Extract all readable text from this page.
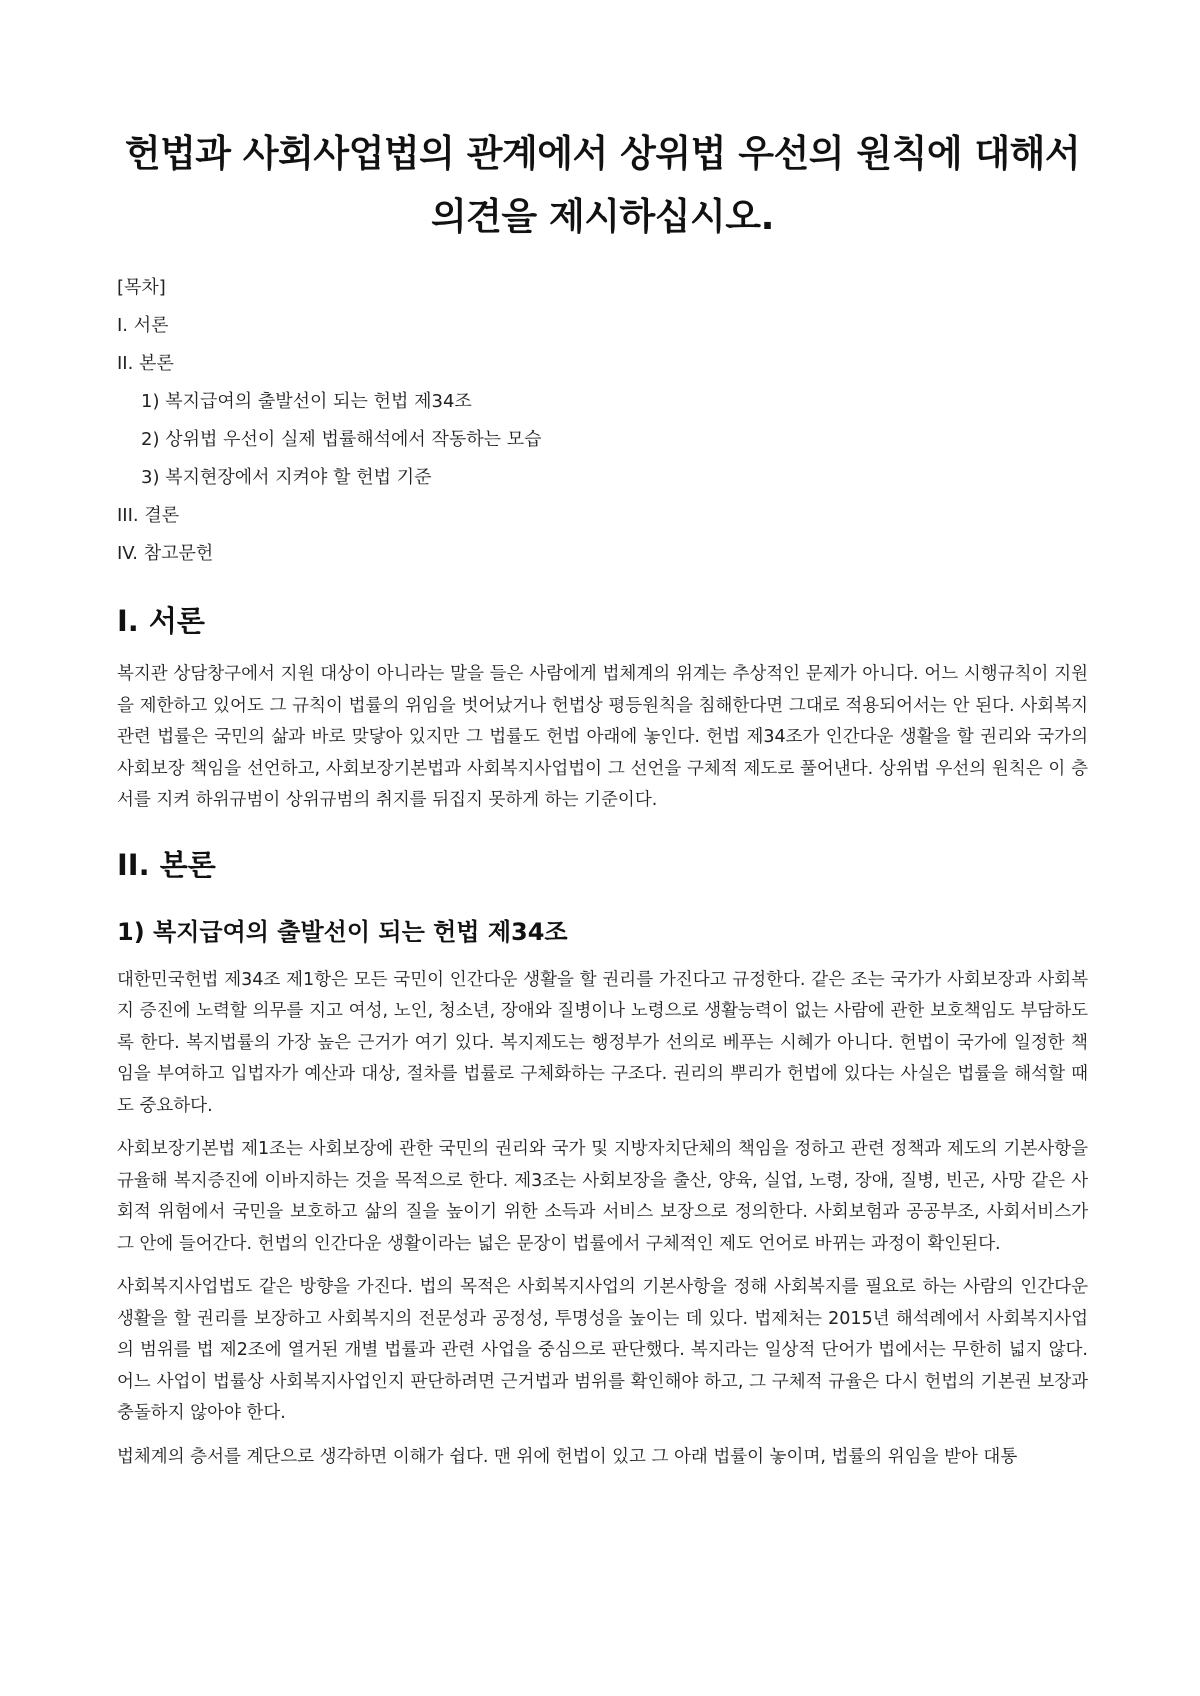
헌법과 사회사업법의 관계에서 상위법 우선의 원칙에 대해서 의견을 제시하십시오.
[목차]
I. 서론
II. 본론
1) 복지급여의 출발선이 되는 헌법 제34조
2) 상위법 우선이 실제 법률해석에서 작동하는 모습
3) 복지현장에서 지켜야 할 헌법 기준
III. 결론
IV. 참고문헌
I. 서론

복지관 상담창구에서 지원 대상이 아니라는 말을 들은 사람에게 법체계의 위계는 추상적인 문제가 아니다. 어느 시행규칙이 지원을 제한하고 있어도 그 규칙이 법률의 위임을 벗어났거나 헌법상 평등원칙을 침해한다면 그대로 적용되어서는 안 된다. 사회복지 관련 법률은 국민의 삶과 바로 맞닿아 있지만 그 법률도 헌법 아래에 놓인다. 헌법 제34조가 인간다운 생활을 할 권리와 국가의 사회보장 책임을 선언하고, 사회보장기본법과 사회복지사업법이 그 선언을 구체적 제도로 풀어낸다. 상위법 우선의 원칙은 이 층서를 지켜 하위규범이 상위규범의 취지를 뒤집지 못하게 하는 기준이다.

II. 본론
1) 복지급여의 출발선이 되는 헌법 제34조

대한민국헌법 제34조 제1항은 모든 국민이 인간다운 생활을 할 권리를 가진다고 규정한다. 같은 조는 국가가 사회보장과 사회복지 증진에 노력할 의무를 지고 여성, 노인, 청소년, 장애와 질병이나 노령으로 생활능력이 없는 사람에 관한 보호책임도 부담하도록 한다. 복지법률의 가장 높은 근거가 여기 있다. 복지제도는 행정부가 선의로 베푸는 시혜가 아니다. 헌법이 국가에 일정한 책임을 부여하고 입법자가 예산과 대상, 절차를 법률로 구체화하는 구조다. 권리의 뿌리가 헌법에 있다는 사실은 법률을 해석할 때도 중요하다.

사회보장기본법 제1조는 사회보장에 관한 국민의 권리와 국가 및 지방자치단체의 책임을 정하고 관련 정책과 제도의 기본사항을 규율해 복지증진에 이바지하는 것을 목적으로 한다. 제3조는 사회보장을 출산, 양육, 실업, 노령, 장애, 질병, 빈곤, 사망 같은 사회적 위험에서 국민을 보호하고 삶의 질을 높이기 위한 소득과 서비스 보장으로 정의한다. 사회보험과 공공부조, 사회서비스가 그 안에 들어간다. 헌법의 인간다운 생활이라는 넓은 문장이 법률에서 구체적인 제도 언어로 바뀌는 과정이 확인된다.

사회복지사업법도 같은 방향을 가진다. 법의 목적은 사회복지사업의 기본사항을 정해 사회복지를 필요로 하는 사람의 인간다운 생활을 할 권리를 보장하고 사회복지의 전문성과 공정성, 투명성을 높이는 데 있다. 법제처는 2015년 해석례에서 사회복지사업의 범위를 법 제2조에 열거된 개별 법률과 관련 사업을 중심으로 판단했다. 복지라는 일상적 단어가 법에서는 무한히 넓지 않다. 어느 사업이 법률상 사회복지사업인지 판단하려면 근거법과 범위를 확인해야 하고, 그 구체적 규율은 다시 헌법의 기본권 보장과 충돌하지 않아야 한다.

법체계의 층서를 계단으로 생각하면 이해가 쉽다. 맨 위에 헌법이 있고 그 아래 법률이 놓이며, 법률의 위임을 받아 대통
